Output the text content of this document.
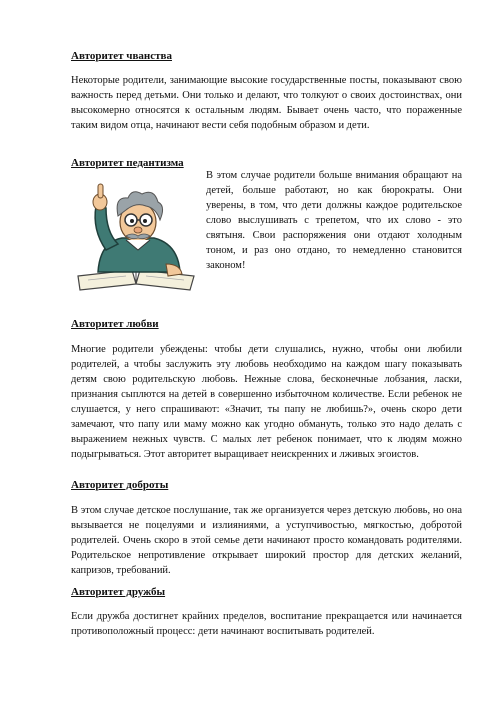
Авторитет чванства

Некоторые родители, занимающие высокие государственные посты, показывают свою важность перед детьми. Они только и делают, что толкуют о своих достоинствах, они высокомерно относятся к остальным людям. Бывает очень часто, что пораженные таким видом отца, начинают вести себя подобным образом и дети.

Авторитет педантизма

В этом случае родители больше внимания обращают на детей, больше работают, но как бюрократы. Они уверены, в том, что дети должны каждое родительское слово выслушивать с трепетом, что их слово - это святыня. Свои распоряжения они отдают холодным тоном, и раз оно отдано, то немедленно становится законом!

Авторитет любви

Многие родители убеждены: чтобы дети слушались, нужно, чтобы они любили родителей, а чтобы заслужить эту любовь необходимо на каждом шагу показывать детям свою родительскую любовь. Нежные слова, бесконечные лобзания, ласки, признания сыплются на детей в совершенно избыточном количестве. Если ребенок не слушается, у него спрашивают: «Значит, ты папу не любишь?», очень скоро дети замечают, что папу или маму можно как угодно обмануть, только это надо делать с выражением нежных чувств. С малых лет ребенок понимает, что к людям можно подыгрываться. Этот авторитет выращивает неискренних и лживых эгоистов.

Авторитет доброты

В этом случае детское послушание, так же организуется через детскую любовь, но она вызывается не поцелуями и излияниями, а уступчивостью, мягкостью, добротой родителей. Очень скоро в этой семье дети начинают просто командовать родителями. Родительское непротивление открывает широкий простор для детских желаний, капризов, требований.

Авторитет дружбы

Если дружба достигнет крайних пределов, воспитание прекращается или начинается противоположный процесс: дети начинают воспитывать родителей.
